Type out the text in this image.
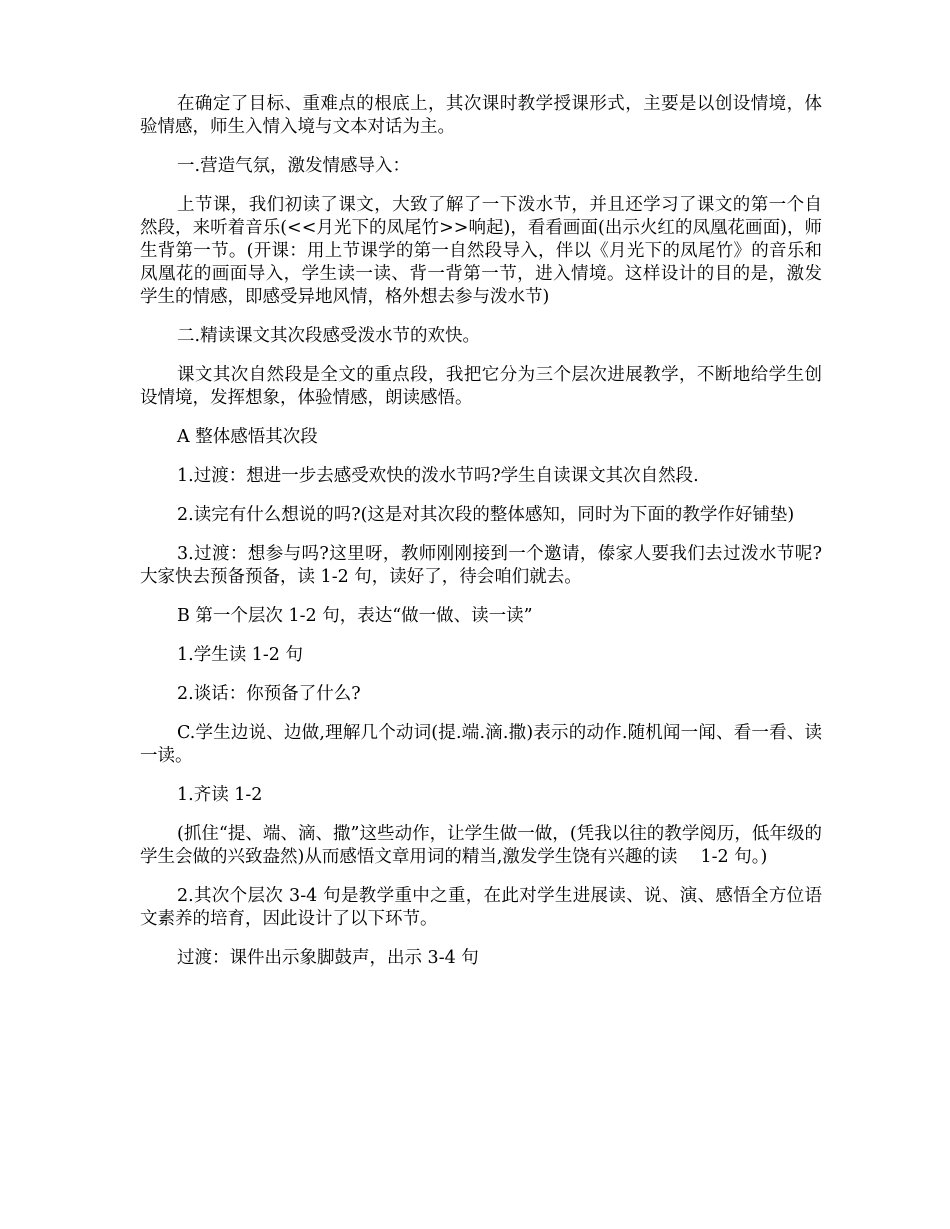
在确定了目标、重难点的根底上，其次课时教学授课形式，主要是以创设情境，体验情感，师生入情入境与文本对话为主。

一.营造气氛，激发情感导入：

上节课，我们初读了课文，大致了解了一下泼水节，并且还学习了课文的第一个自然段，来听着音乐(<<月光下的凤尾竹>>响起)，看看画面(出示火红的凤凰花画面)，师生背第一节。(开课：用上节课学的第一自然段导入，伴以《月光下的凤尾竹》的音乐和凤凰花的画面导入，学生读一读、背一背第一节，进入情境。这样设计的目的是，激发学生的情感，即感受异地风情，格外想去参与泼水节)

二.精读课文其次段感受泼水节的欢快。

课文其次自然段是全文的重点段，我把它分为三个层次进展教学，不断地给学生创设情境，发挥想象，体验情感，朗读感悟。

A 整体感悟其次段

1.过渡：想进一步去感受欢快的泼水节吗?学生自读课文其次自然段.

2.读完有什么想说的吗?(这是对其次段的整体感知，同时为下面的教学作好铺垫)

3.过渡：想参与吗?这里呀，教师刚刚接到一个邀请，傣家人要我们去过泼水节呢?大家快去预备预备，读 1-2 句，读好了，待会咱们就去。

B 第一个层次 1-2 句，表达“做一做、读一读”

1.学生读 1-2 句

2.谈话：你预备了什么?

C.学生边说、边做,理解几个动词(提.端.滴.撒)表示的动作.随机闻一闻、看一看、读一读。

1.齐读 1-2

(抓住“提、端、滴、撒”这些动作，让学生做一做，(凭我以往的教学阅历，低年级的学生会做的兴致盎然)从而感悟文章用词的精当,激发学生饶有兴趣的读　 1-2 句。)

2.其次个层次 3-4 句是教学重中之重，在此对学生进展读、说、演、感悟全方位语文素养的培育，因此设计了以下环节。

过渡：课件出示象脚鼓声，出示 3-4 句
